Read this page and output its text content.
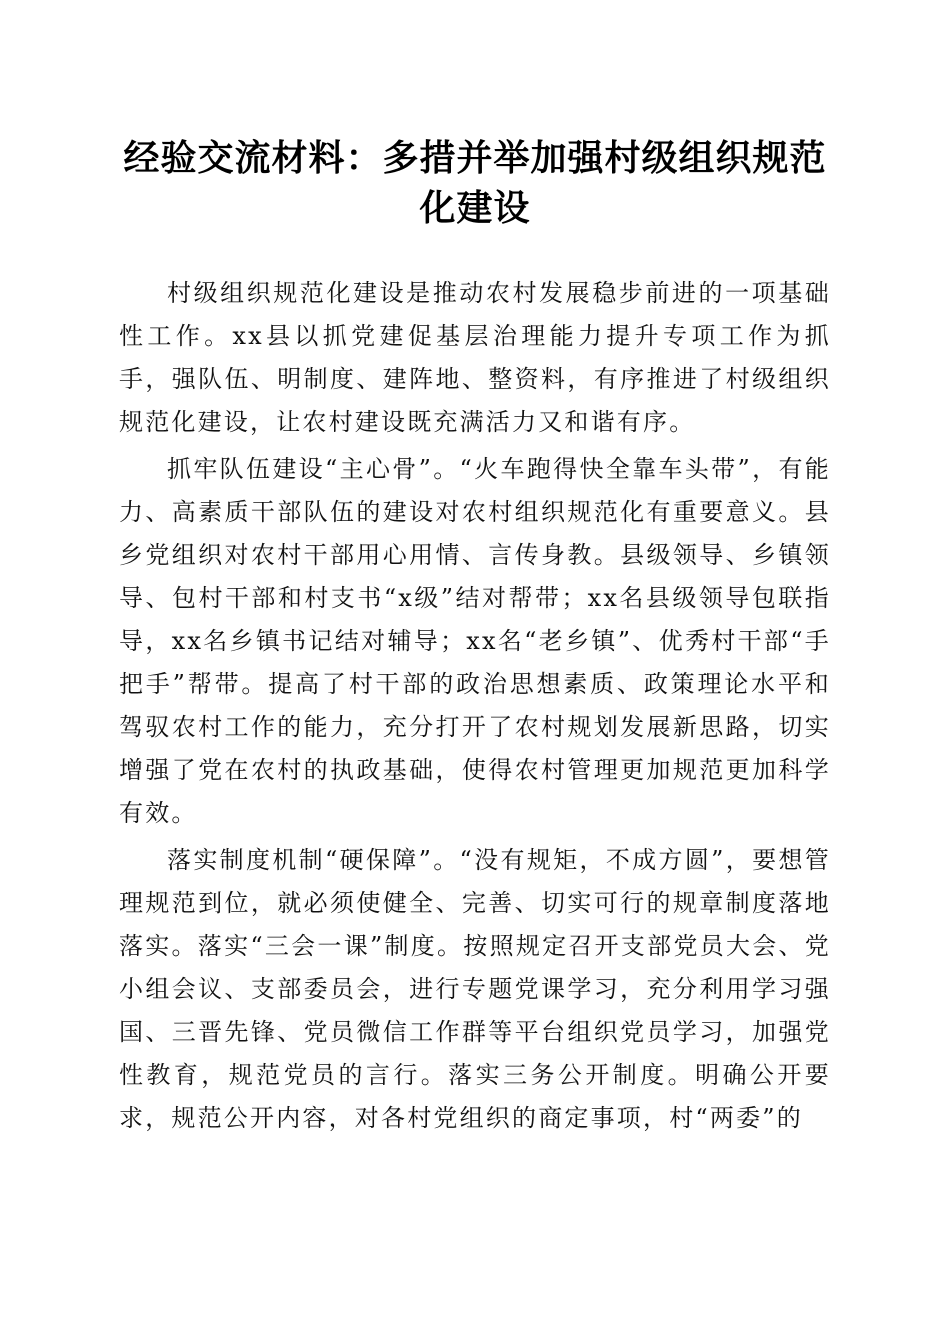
经验交流材料：多措并举加强村级组织规范化建设

村级组织规范化建设是推动农村发展稳步前进的一项基础性工作。xx县以抓党建促基层治理能力提升专项工作为抓手，强队伍、明制度、建阵地、整资料，有序推进了村级组织规范化建设，让农村建设既充满活力又和谐有序。

抓牢队伍建设“主心骨”。“火车跑得快全靠车头带”，有能力、高素质干部队伍的建设对农村组织规范化有重要意义。县乡党组织对农村干部用心用情、言传身教。县级领导、乡镇领导、包村干部和村支书“x级”结对帮带；xx名县级领导包联指导，xx名乡镇书记结对辅导；xx名“老乡镇”、优秀村干部“手把手”帮带。提高了村干部的政治思想素质、政策理论水平和驾驭农村工作的能力，充分打开了农村规划发展新思路，切实增强了党在农村的执政基础，使得农村管理更加规范更加科学有效。

落实制度机制“硬保障”。“没有规矩，不成方圆”，要想管理规范到位，就必须使健全、完善、切实可行的规章制度落地落实。落实“三会一课”制度。按照规定召开支部党员大会、党小组会议、支部委员会，进行专题党课学习，充分利用学习强国、三晋先锋、党员微信工作群等平台组织党员学习，加强党性教育，规范党员的言行。落实三务公开制度。明确公开要求，规范公开内容，对各村党组织的商定事项，村“两委”的
